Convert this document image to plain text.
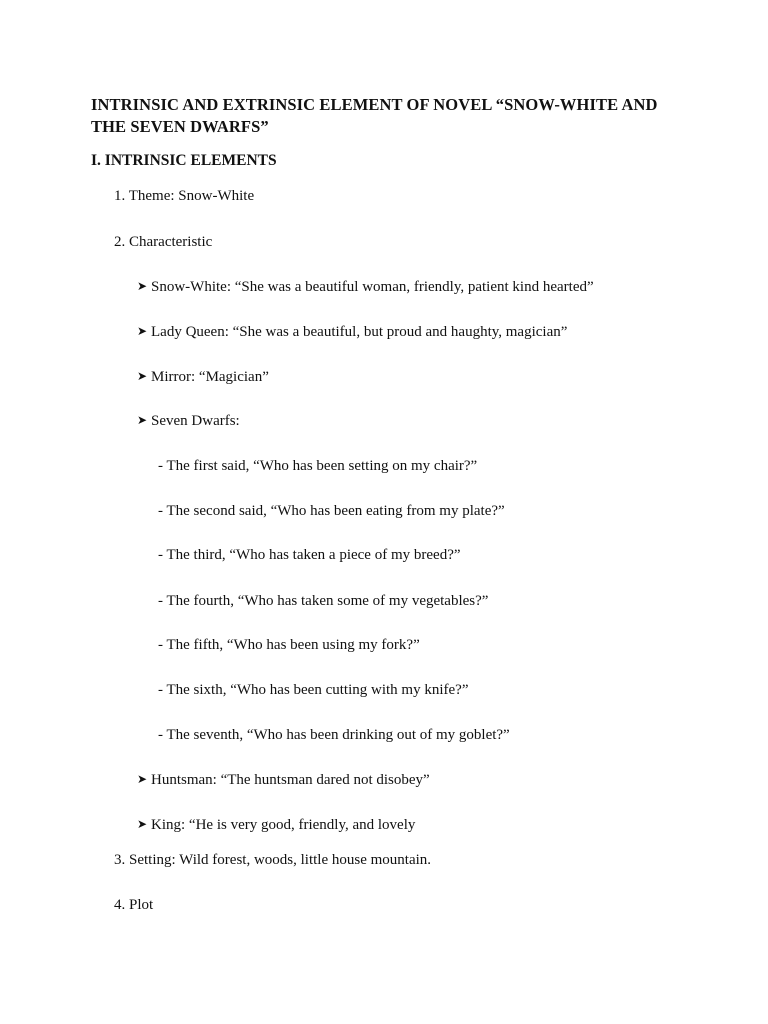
INTRINSIC AND EXTRINSIC ELEMENT OF NOVEL “SNOW-WHITE AND
THE SEVEN DWARFS”
I. INTRINSIC ELEMENTS
1. Theme: Snow-White
2. Characteristic
➤ Snow-White: “She was a beautiful woman, friendly, patient kind hearted”
➤ Lady Queen: “She was a beautiful, but proud and haughty, magician”
➤ Mirror: “Magician”
➤ Seven Dwarfs:
- The first said, “Who has been setting on my chair?”
- The second said, “Who has been eating from my plate?”
- The third, “Who has taken a piece of my breed?”
- The fourth, “Who has taken some of my vegetables?”
- The fifth, “Who has been using my fork?”
- The sixth, “Who has been cutting with my knife?”
- The seventh, “Who has been drinking out of my goblet?”
➤ Huntsman: “The huntsman dared not disobey”
➤ King: “He is very good, friendly, and lovely
3. Setting: Wild forest, woods, little house mountain.
4. Plot
